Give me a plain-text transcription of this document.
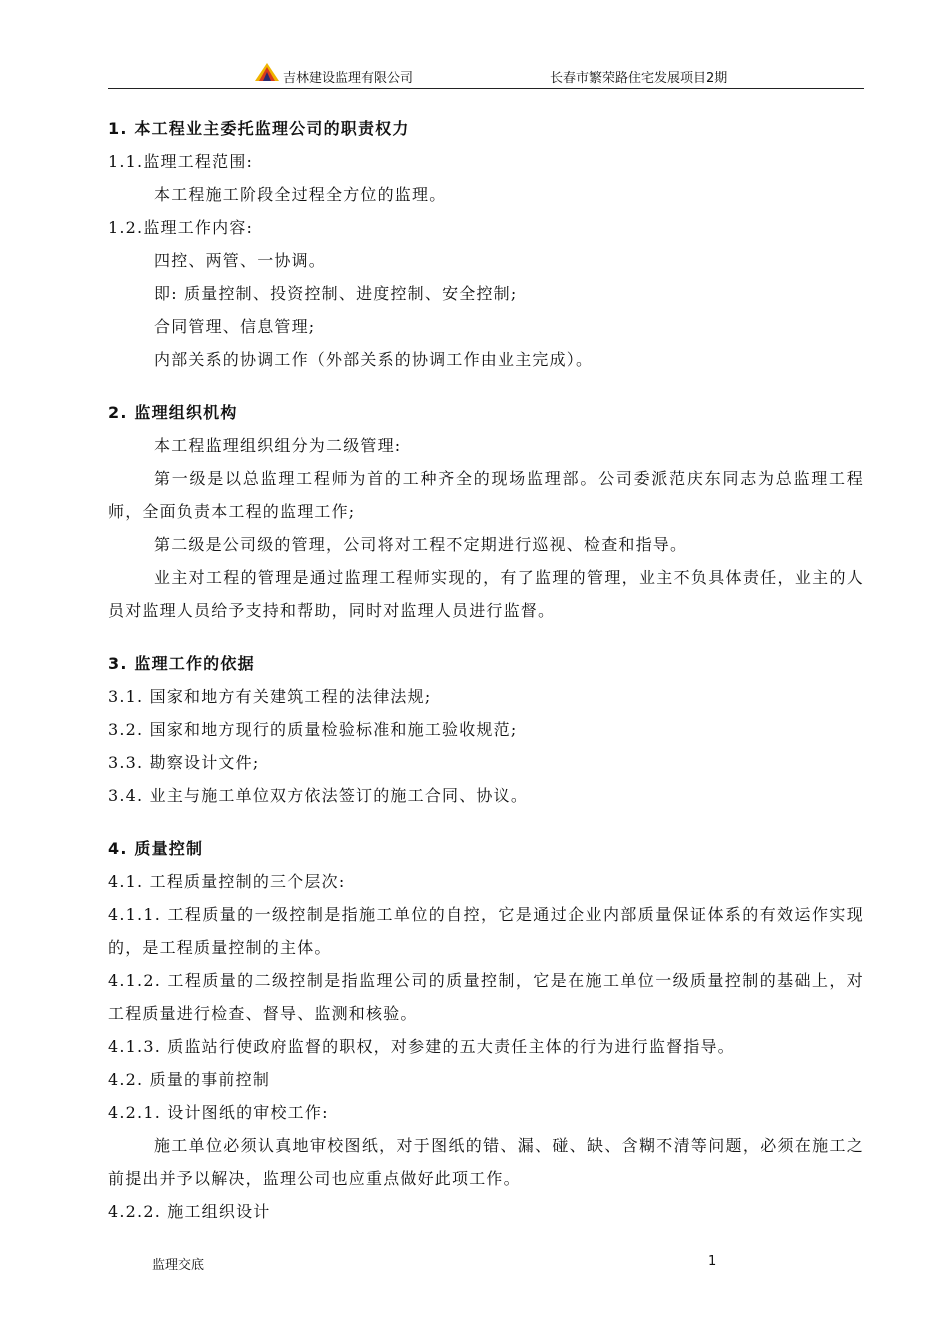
吉林建设监理有限公司	长春市繁荣路住宅发展项目2期

1. 本工程业主委托监理公司的职责权力

1.1.监理工程范围:

本工程施工阶段全过程全方位的监理。

1.2.监理工作内容:

四控、两管、一协调。

即: 质量控制、投资控制、进度控制、安全控制;

合同管理、信息管理;

内部关系的协调工作（外部关系的协调工作由业主完成）。

2. 监理组织机构

本工程监理组织组分为二级管理:

第一级是以总监理工程师为首的工种齐全的现场监理部。公司委派范庆东同志为总监理工程师，全面负责本工程的监理工作;

第二级是公司级的管理，公司将对工程不定期进行巡视、检查和指导。

业主对工程的管理是通过监理工程师实现的，有了监理的管理，业主不负具体责任，业主的人员对监理人员给予支持和帮助，同时对监理人员进行监督。

3. 监理工作的依据

3.1. 国家和地方有关建筑工程的法律法规;

3.2. 国家和地方现行的质量检验标准和施工验收规范;

3.3. 勘察设计文件;

3.4. 业主与施工单位双方依法签订的施工合同、协议。

4. 质量控制

4.1. 工程质量控制的三个层次:

4.1.1. 工程质量的一级控制是指施工单位的自控，它是通过企业内部质量保证体系的有效运作实现的，是工程质量控制的主体。

4.1.2. 工程质量的二级控制是指监理公司的质量控制，它是在施工单位一级质量控制的基础上，对工程质量进行检查、督导、监测和核验。

4.1.3. 质监站行使政府监督的职权，对参建的五大责任主体的行为进行监督指导。

4.2. 质量的事前控制

4.2.1. 设计图纸的审校工作:

施工单位必须认真地审校图纸，对于图纸的错、漏、碰、缺、含糊不清等问题，必须在施工之前提出并予以解决，监理公司也应重点做好此项工作。

4.2.2. 施工组织设计

监理交底	1
